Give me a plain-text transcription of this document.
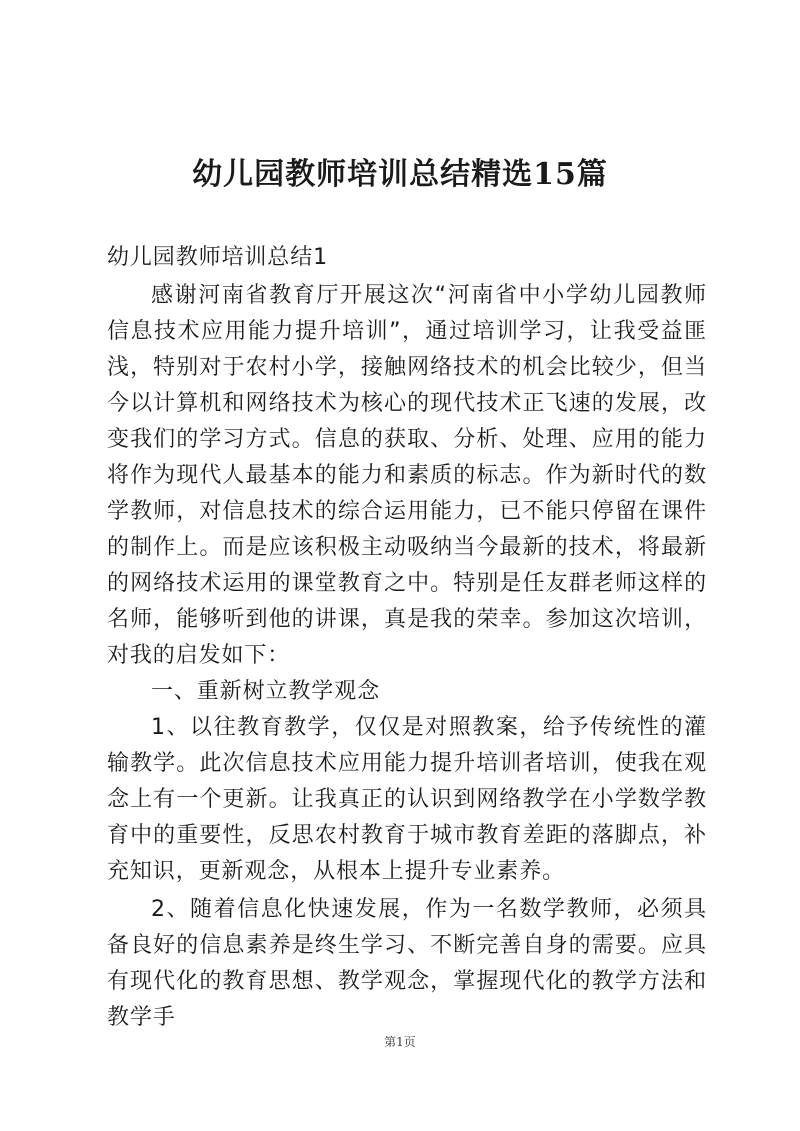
幼儿园教师培训总结精选15篇

幼儿园教师培训总结1

感谢河南省教育厅开展这次“河南省中小学幼儿园教师信息技术应用能力提升培训”，通过培训学习，让我受益匪浅，特别对于农村小学，接触网络技术的机会比较少，但当今以计算机和网络技术为核心的现代技术正飞速的发展，改变我们的学习方式。信息的获取、分析、处理、应用的能力将作为现代人最基本的能力和素质的标志。作为新时代的数学教师，对信息技术的综合运用能力，已不能只停留在课件的制作上。而是应该积极主动吸纳当今最新的技术，将最新的网络技术运用的课堂教育之中。特别是任友群老师这样的名师，能够听到他的讲课，真是我的荣幸。参加这次培训，对我的启发如下：

一、重新树立教学观念

1、以往教育教学，仅仅是对照教案，给予传统性的灌输教学。此次信息技术应用能力提升培训者培训，使我在观念上有一个更新。让我真正的认识到网络教学在小学数学教育中的重要性，反思农村教育于城市教育差距的落脚点，补充知识，更新观念，从根本上提升专业素养。

2、随着信息化快速发展，作为一名数学教师，必须具备良好的信息素养是终生学习、不断完善自身的需要。应具有现代化的教育思想、教学观念，掌握现代化的教学方法和教学手

第1页
